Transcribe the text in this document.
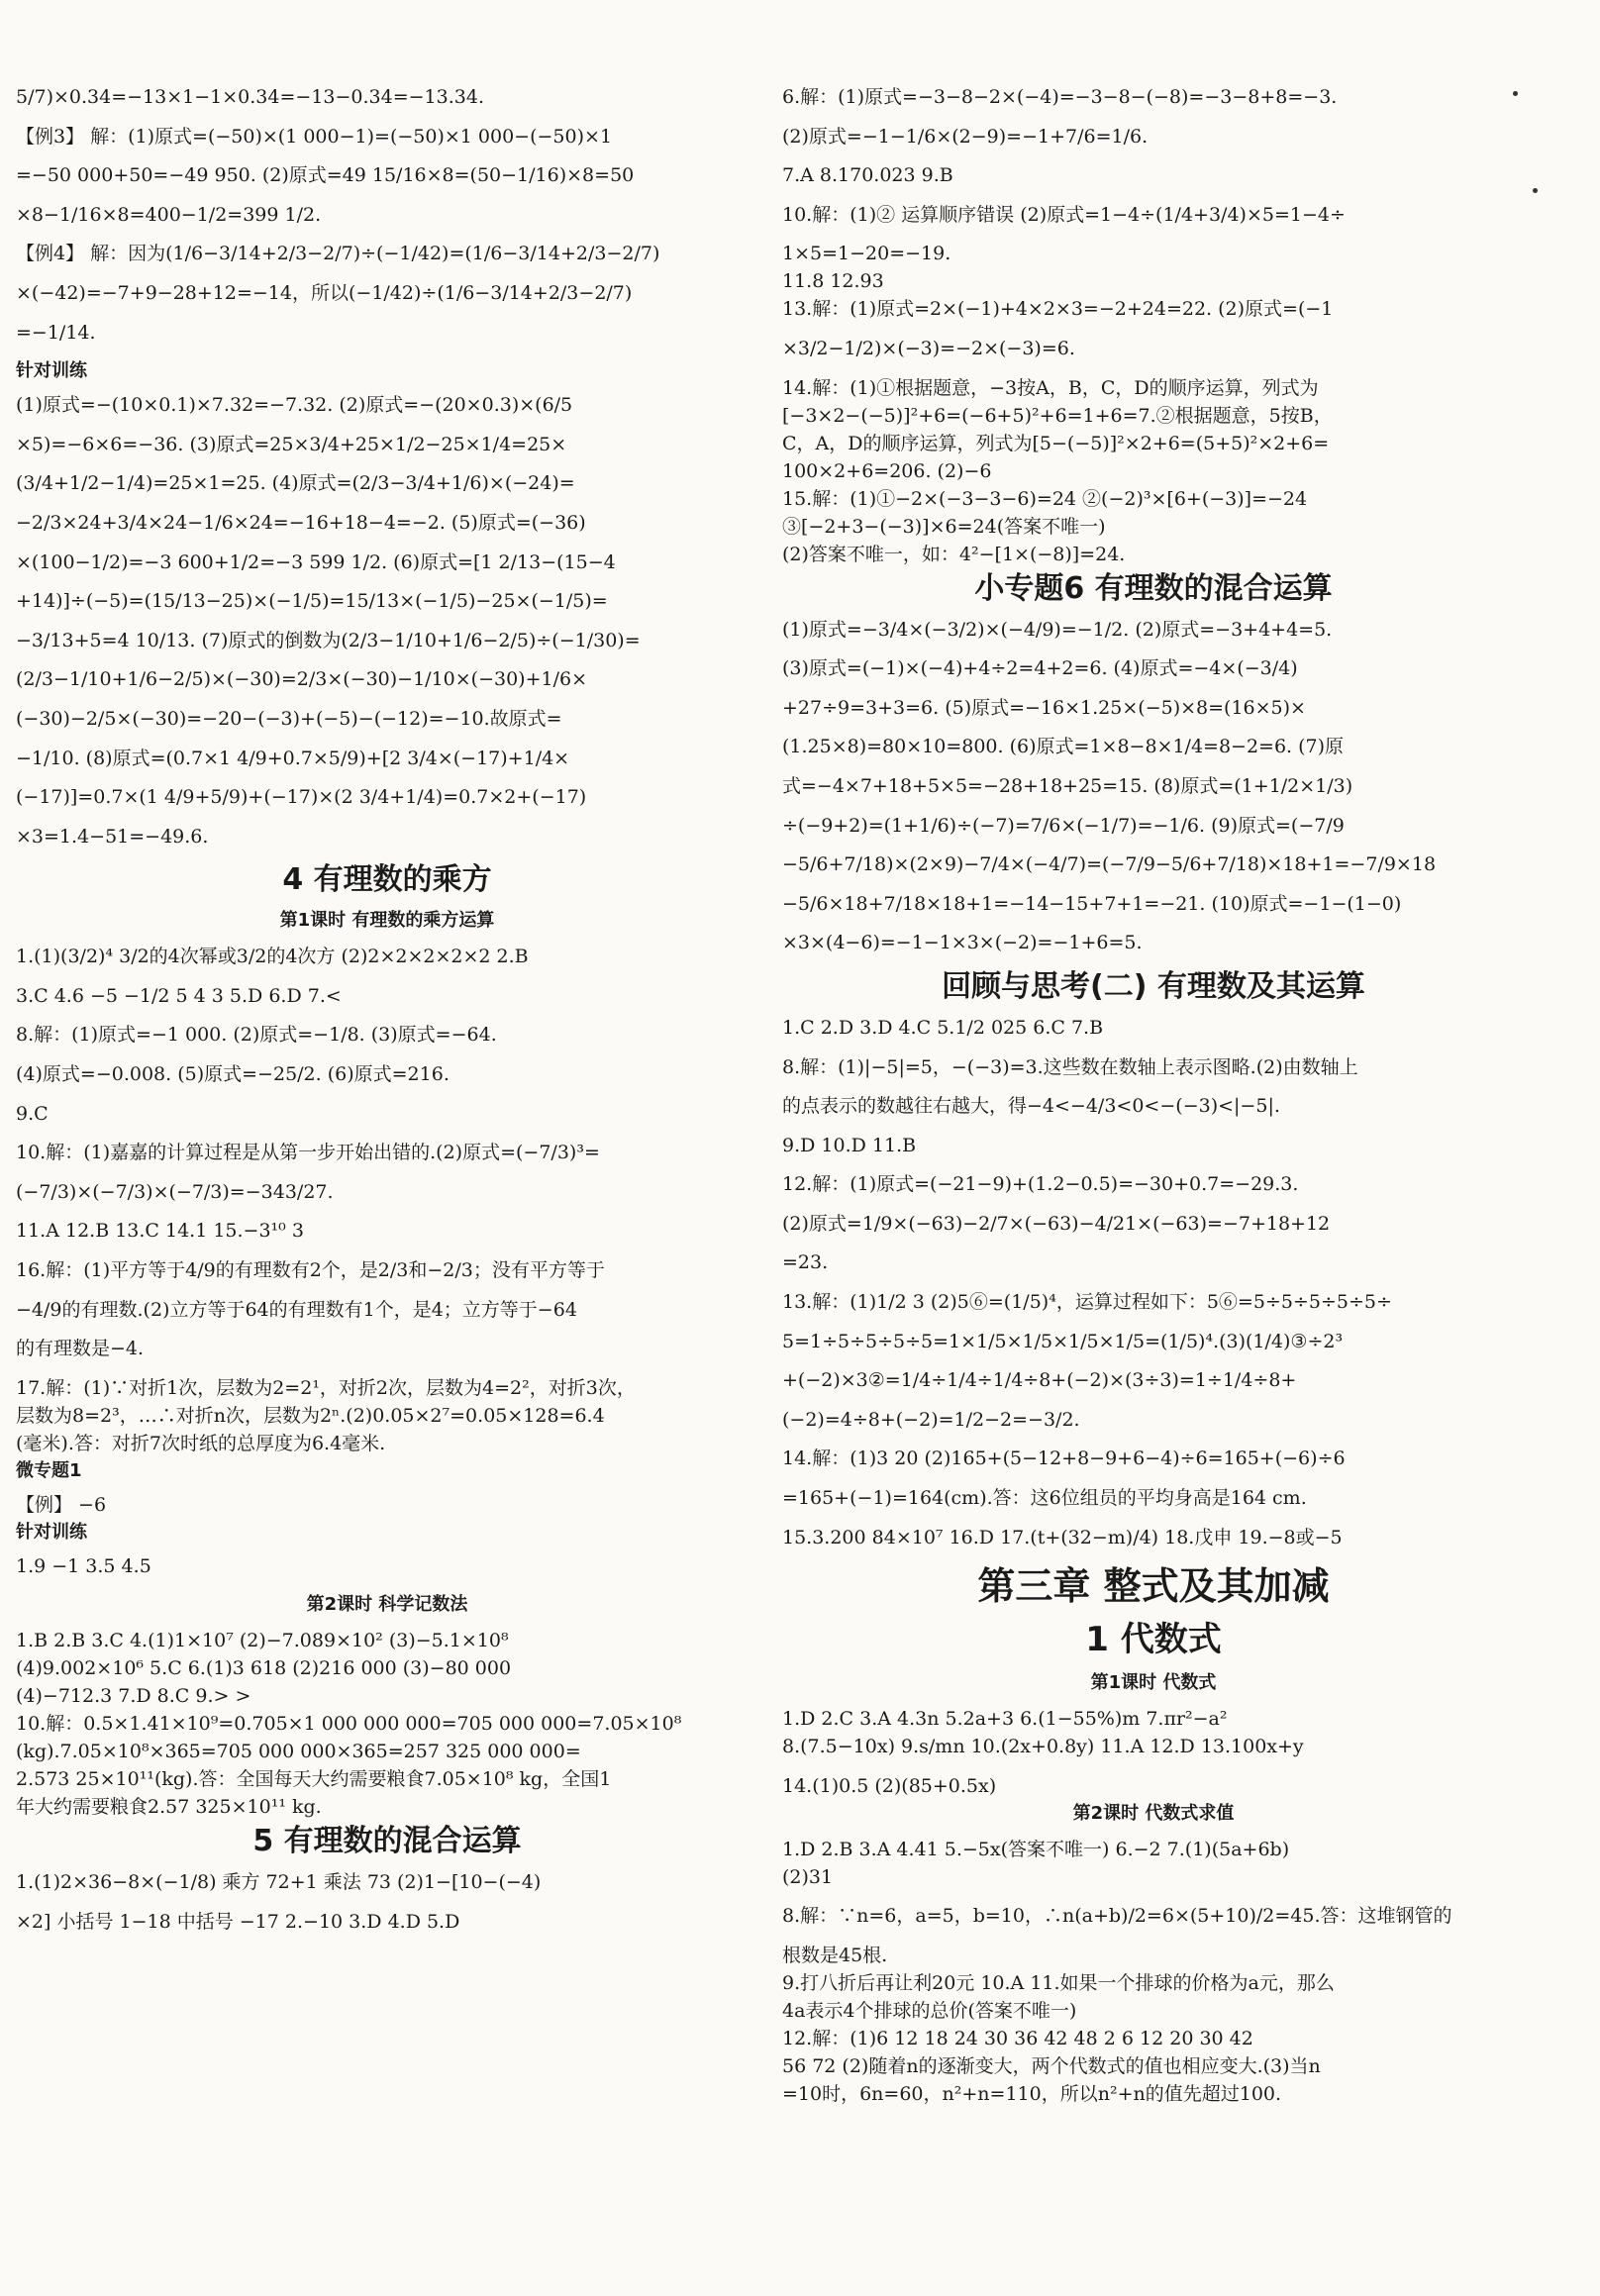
5/7)×0.34=−13×1−1×0.34=−13−0.34=−13.34.
【例3】 解：(1)原式=(−50)×(1 000−1)=(−50)×1 000−(−50)×1
=−50 000+50=−49 950. (2)原式=49 15/16×8=(50−1/16)×8=50
×8−1/16×8=400−1/2=399 1/2.
【例4】 解：因为(1/6−3/14+2/3−2/7)÷(−1/42)=(1/6−3/14+2/3−2/7)
×(−42)=−7+9−28+12=−14，所以(−1/42)÷(1/6−3/14+2/3−2/7)
=−1/14.
针对训练
(1)原式=−(10×0.1)×7.32=−7.32. (2)原式=−(20×0.3)×(6/5
×5)=−6×6=−36. (3)原式=25×3/4+25×1/2−25×1/4=25×
(3/4+1/2−1/4)=25×1=25. (4)原式=(2/3−3/4+1/6)×(−24)=
−2/3×24+3/4×24−1/6×24=−16+18−4=−2. (5)原式=(−36)
×(100−1/2)=−3 600+1/2=−3 599 1/2. (6)原式=[1 2/13−(15−4
+14)]÷(−5)=(15/13−25)×(−1/5)=15/13×(−1/5)−25×(−1/5)=
−3/13+5=4 10/13. (7)原式的倒数为(2/3−1/10+1/6−2/5)÷(−1/30)=
(2/3−1/10+1/6−2/5)×(−30)=2/3×(−30)−1/10×(−30)+1/6×
(−30)−2/5×(−30)=−20−(−3)+(−5)−(−12)=−10.故原式=
−1/10. (8)原式=(0.7×1 4/9+0.7×5/9)+[2 3/4×(−17)+1/4×
(−17)]=0.7×(1 4/9+5/9)+(−17)×(2 3/4+1/4)=0.7×2+(−17)
×3=1.4−51=−49.6.
4 有理数的乘方
第1课时 有理数的乘方运算
1.(1)(3/2)⁴ 3/2的4次幂或3/2的4次方 (2)2×2×2×2×2 2.B
3.C 4.6 −5 −1/2 5 4 3 5.D 6.D 7.<
8.解：(1)原式=−1 000. (2)原式=−1/8. (3)原式=−64.
(4)原式=−0.008. (5)原式=−25/2. (6)原式=216.
9.C
10.解：(1)嘉嘉的计算过程是从第一步开始出错的.(2)原式=(−7/3)³=
(−7/3)×(−7/3)×(−7/3)=−343/27.
11.A 12.B 13.C 14.1 15.−3¹⁰ 3
16.解：(1)平方等于4/9的有理数有2个，是2/3和−2/3；没有平方等于
−4/9的有理数.(2)立方等于64的有理数有1个，是4；立方等于−64
的有理数是−4.
17.解：(1)∵对折1次，层数为2=2¹，对折2次，层数为4=2²，对折3次，
层数为8=2³，…∴对折n次，层数为2ⁿ.(2)0.05×2⁷=0.05×128=6.4
(毫米).答：对折7次时纸的总厚度为6.4毫米.
微专题1
【例】 −6
针对训练
1.9 −1 3.5 4.5
第2课时 科学记数法
1.B 2.B 3.C 4.(1)1×10⁷ (2)−7.089×10² (3)−5.1×10⁸
(4)9.002×10⁶ 5.C 6.(1)3 618 (2)216 000 (3)−80 000
(4)−712.3 7.D 8.C 9.> >
10.解：0.5×1.41×10⁹=0.705×1 000 000 000=705 000 000=7.05×10⁸
(kg).7.05×10⁸×365=705 000 000×365=257 325 000 000=
2.573 25×10¹¹(kg).答：全国每天大约需要粮食7.05×10⁸ kg，全国1
年大约需要粮食2.57 325×10¹¹ kg.
5 有理数的混合运算
1.(1)2×36−8×(−1/8) 乘方 72+1 乘法 73 (2)1−[10−(−4)
×2] 小括号 1−18 中括号 −17 2.−10 3.D 4.D 5.D
6.解：(1)原式=−3−8−2×(−4)=−3−8−(−8)=−3−8+8=−3.
(2)原式=−1−1/6×(2−9)=−1+7/6=1/6.
7.A 8.170.023 9.B
10.解：(1)② 运算顺序错误 (2)原式=1−4÷(1/4+3/4)×5=1−4÷
1×5=1−20=−19.
11.8 12.93
13.解：(1)原式=2×(−1)+4×2×3=−2+24=22. (2)原式=(−1
×3/2−1/2)×(−3)=−2×(−3)=6.
14.解：(1)①根据题意，−3按A，B，C，D的顺序运算，列式为
[−3×2−(−5)]²+6=(−6+5)²+6=1+6=7.②根据题意，5按B，
C，A，D的顺序运算，列式为[5−(−5)]²×2+6=(5+5)²×2+6=
100×2+6=206. (2)−6
15.解：(1)①−2×(−3−3−6)=24 ②(−2)³×[6+(−3)]=−24
③[−2+3−(−3)]×6=24(答案不唯一)
(2)答案不唯一，如：4²−[1×(−8)]=24.
小专题6 有理数的混合运算
(1)原式=−3/4×(−3/2)×(−4/9)=−1/2. (2)原式=−3+4+4=5.
(3)原式=(−1)×(−4)+4÷2=4+2=6. (4)原式=−4×(−3/4)
+27÷9=3+3=6. (5)原式=−16×1.25×(−5)×8=(16×5)×
(1.25×8)=80×10=800. (6)原式=1×8−8×1/4=8−2=6. (7)原
式=−4×7+18+5×5=−28+18+25=15. (8)原式=(1+1/2×1/3)
÷(−9+2)=(1+1/6)÷(−7)=7/6×(−1/7)=−1/6. (9)原式=(−7/9
−5/6+7/18)×(2×9)−7/4×(−4/7)=(−7/9−5/6+7/18)×18+1=−7/9×18
−5/6×18+7/18×18+1=−14−15+7+1=−21. (10)原式=−1−(1−0)
×3×(4−6)=−1−1×3×(−2)=−1+6=5.
回顾与思考(二) 有理数及其运算
1.C 2.D 3.D 4.C 5.1/2 025 6.C 7.B
8.解：(1)|−5|=5，−(−3)=3.这些数在数轴上表示图略.(2)由数轴上
的点表示的数越往右越大，得−4<−4/3<0<−(−3)<|−5|.
9.D 10.D 11.B
12.解：(1)原式=(−21−9)+(1.2−0.5)=−30+0.7=−29.3.
(2)原式=1/9×(−63)−2/7×(−63)−4/21×(−63)=−7+18+12
=23.
13.解：(1)1/2 3 (2)5⑥=(1/5)⁴，运算过程如下：5⑥=5÷5÷5÷5÷5÷
5=1÷5÷5÷5÷5=1×1/5×1/5×1/5×1/5=(1/5)⁴.(3)(1/4)③÷2³
+(−2)×3②=1/4÷1/4÷1/4÷8+(−2)×(3÷3)=1÷1/4÷8+
(−2)=4÷8+(−2)=1/2−2=−3/2.
14.解：(1)3 20 (2)165+(5−12+8−9+6−4)÷6=165+(−6)÷6
=165+(−1)=164(cm).答：这6位组员的平均身高是164 cm.
15.3.200 84×10⁷ 16.D 17.(t+(32−m)/4) 18.戊申 19.−8或−5
第三章 整式及其加减
1 代数式
第1课时 代数式
1.D 2.C 3.A 4.3n 5.2a+3 6.(1−55%)m 7.πr²−a²
8.(7.5−10x) 9.s/mn 10.(2x+0.8y) 11.A 12.D 13.100x+y
14.(1)0.5 (2)(85+0.5x)
第2课时 代数式求值
1.D 2.B 3.A 4.41 5.−5x(答案不唯一) 6.−2 7.(1)(5a+6b)
(2)31
8.解：∵n=6，a=5，b=10，∴n(a+b)/2=6×(5+10)/2=45.答：这堆钢管的
根数是45根.
9.打八折后再让利20元 10.A 11.如果一个排球的价格为a元，那么
4a表示4个排球的总价(答案不唯一)
12.解：(1)6 12 18 24 30 36 42 48 2 6 12 20 30 42
56 72 (2)随着n的逐渐变大，两个代数式的值也相应变大.(3)当n
=10时，6n=60，n²+n=110，所以n²+n的值先超过100.
